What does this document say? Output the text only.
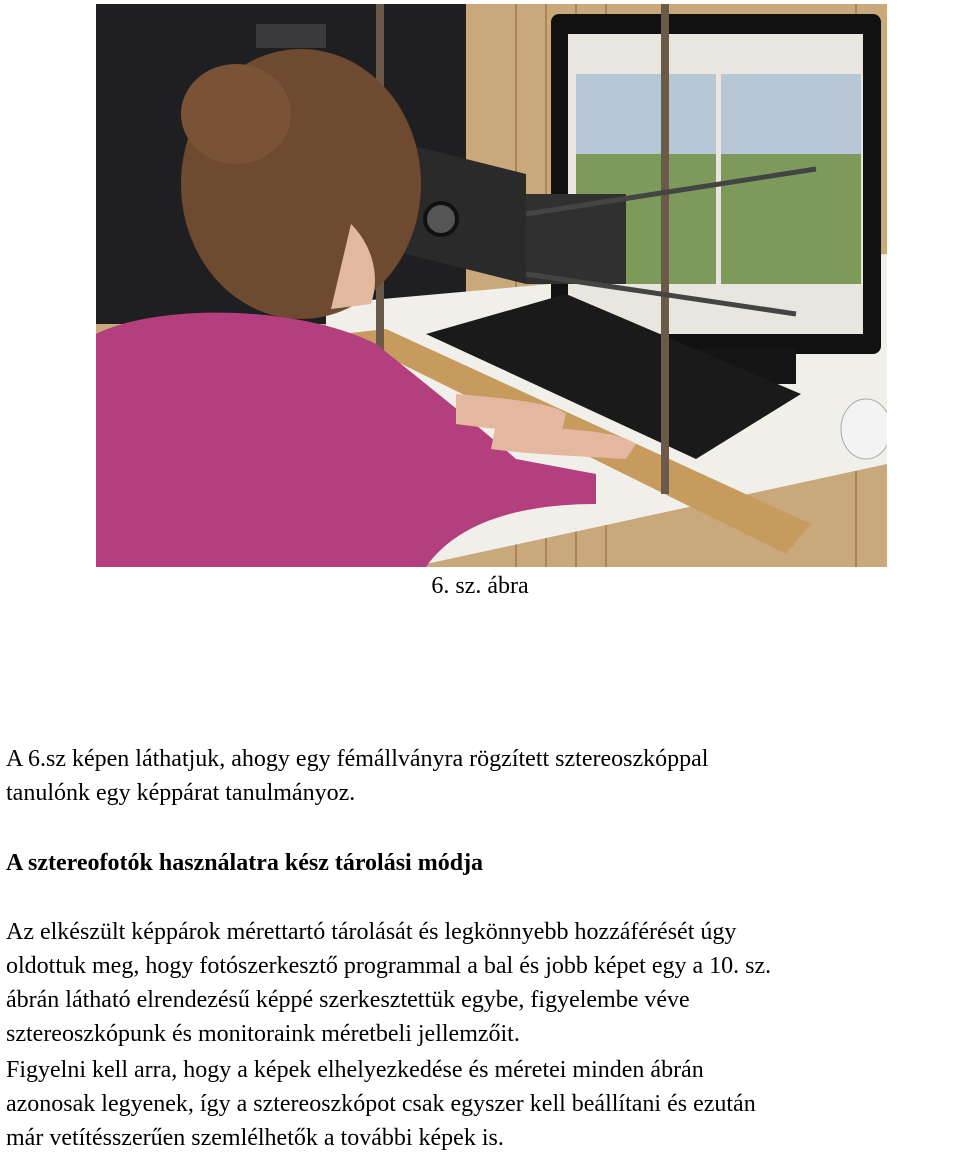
6. sz. ábra

A 6.sz képen láthatjuk, ahogy egy fémállványra rögzített sztereoszkóppal
tanulónk egy képpárat tanulmányoz.

A sztereofotók használatra kész tárolási módja

Az elkészült képpárok mérettartó tárolását és legkönnyebb hozzáférését úgy
oldottuk meg, hogy fotószerkesztő programmal a bal és jobb képet egy a 10. sz.
ábrán látható elrendezésű képpé szerkesztettük egybe, figyelembe véve
sztereoszkópunk és monitoraink méretbeli jellemzőit.

Figyelni kell arra, hogy a képek elhelyezkedése és méretei minden ábrán
azonosak legyenek, így a sztereoszkópot csak egyszer kell beállítani és ezután
már vetítésszerűen szemlélhetők a további képek is.
